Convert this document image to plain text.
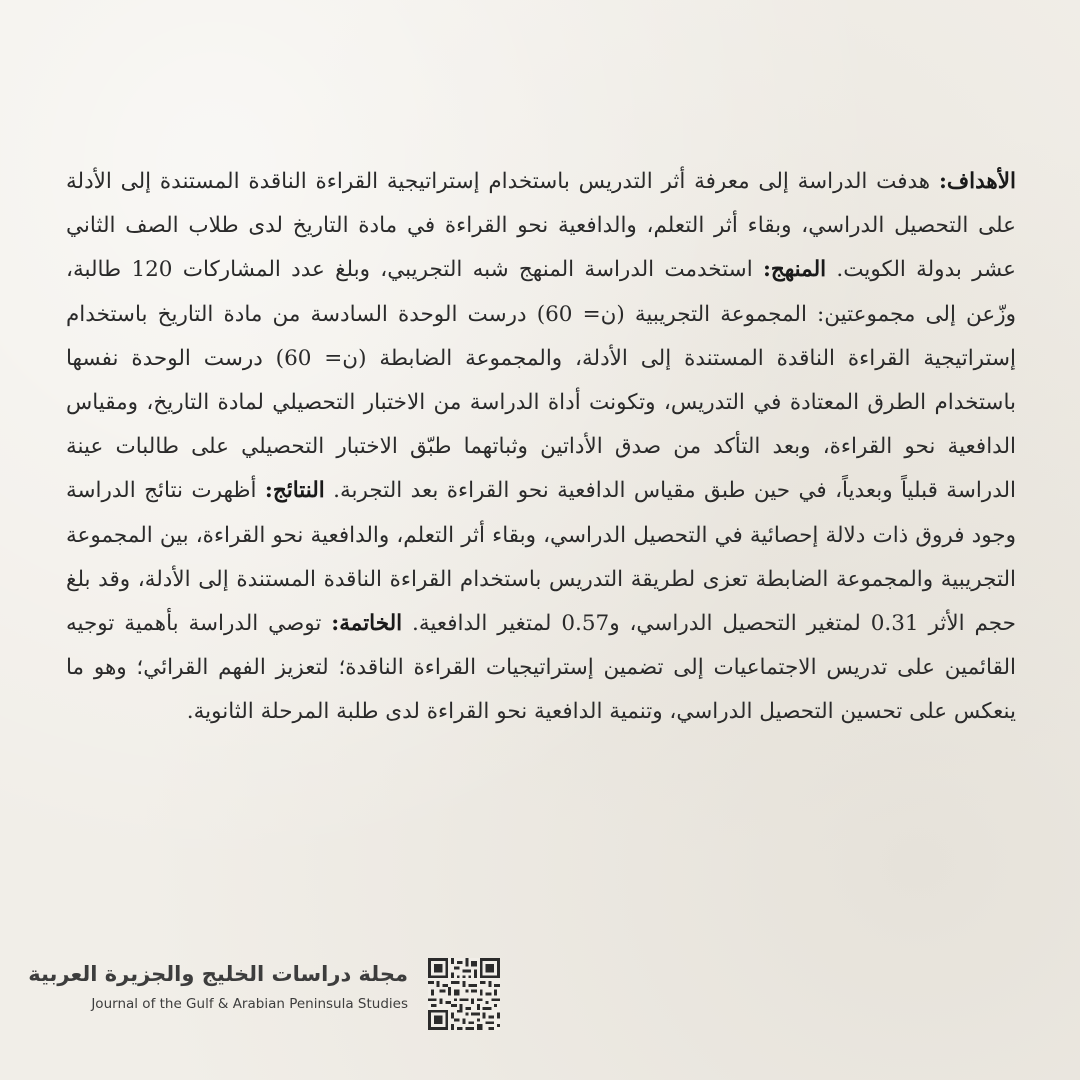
الأهداف: هدفت الدراسة إلى معرفة أثر التدريس باستخدام إستراتيجية القراءة الناقدة المستندة إلى الأدلة على التحصيل الدراسي، وبقاء أثر التعلم، والدافعية نحو القراءة في مادة التاريخ لدى طلاب الصف الثاني عشر بدولة الكويت. المنهج: استخدمت الدراسة المنهج شبه التجريبي، وبلغ عدد المشاركات 120 طالبة، وزّعن إلى مجموعتين: المجموعة التجريبية (ن= 60) درست الوحدة السادسة من مادة التاريخ باستخدام إستراتيجية القراءة الناقدة المستندة إلى الأدلة، والمجموعة الضابطة (ن= 60) درست الوحدة نفسها باستخدام الطرق المعتادة في التدريس، وتكونت أداة الدراسة من الاختبار التحصيلي لمادة التاريخ، ومقياس الدافعية نحو القراءة، وبعد التأكد من صدق الأداتين وثباتهما طبّق الاختبار التحصيلي على طالبات عينة الدراسة قبلياً وبعدياً، في حين طبق مقياس الدافعية نحو القراءة بعد التجربة. النتائج: أظهرت نتائج الدراسة وجود فروق ذات دلالة إحصائية في التحصيل الدراسي، وبقاء أثر التعلم، والدافعية نحو القراءة، بين المجموعة التجريبية والمجموعة الضابطة تعزى لطريقة التدريس باستخدام القراءة الناقدة المستندة إلى الأدلة، وقد بلغ حجم الأثر 0.31 لمتغير التحصيل الدراسي، و0.57 لمتغير الدافعية. الخاتمة: توصي الدراسة بأهمية توجيه القائمين على تدريس الاجتماعيات إلى تضمين إستراتيجيات القراءة الناقدة؛ لتعزيز الفهم القرائي؛ وهو ما ينعكس على تحسين التحصيل الدراسي، وتنمية الدافعية نحو القراءة لدى طلبة المرحلة الثانوية.
مجلة دراسات الخليج والجزيرة العربية
Journal of the Gulf & Arabian Peninsula Studies
